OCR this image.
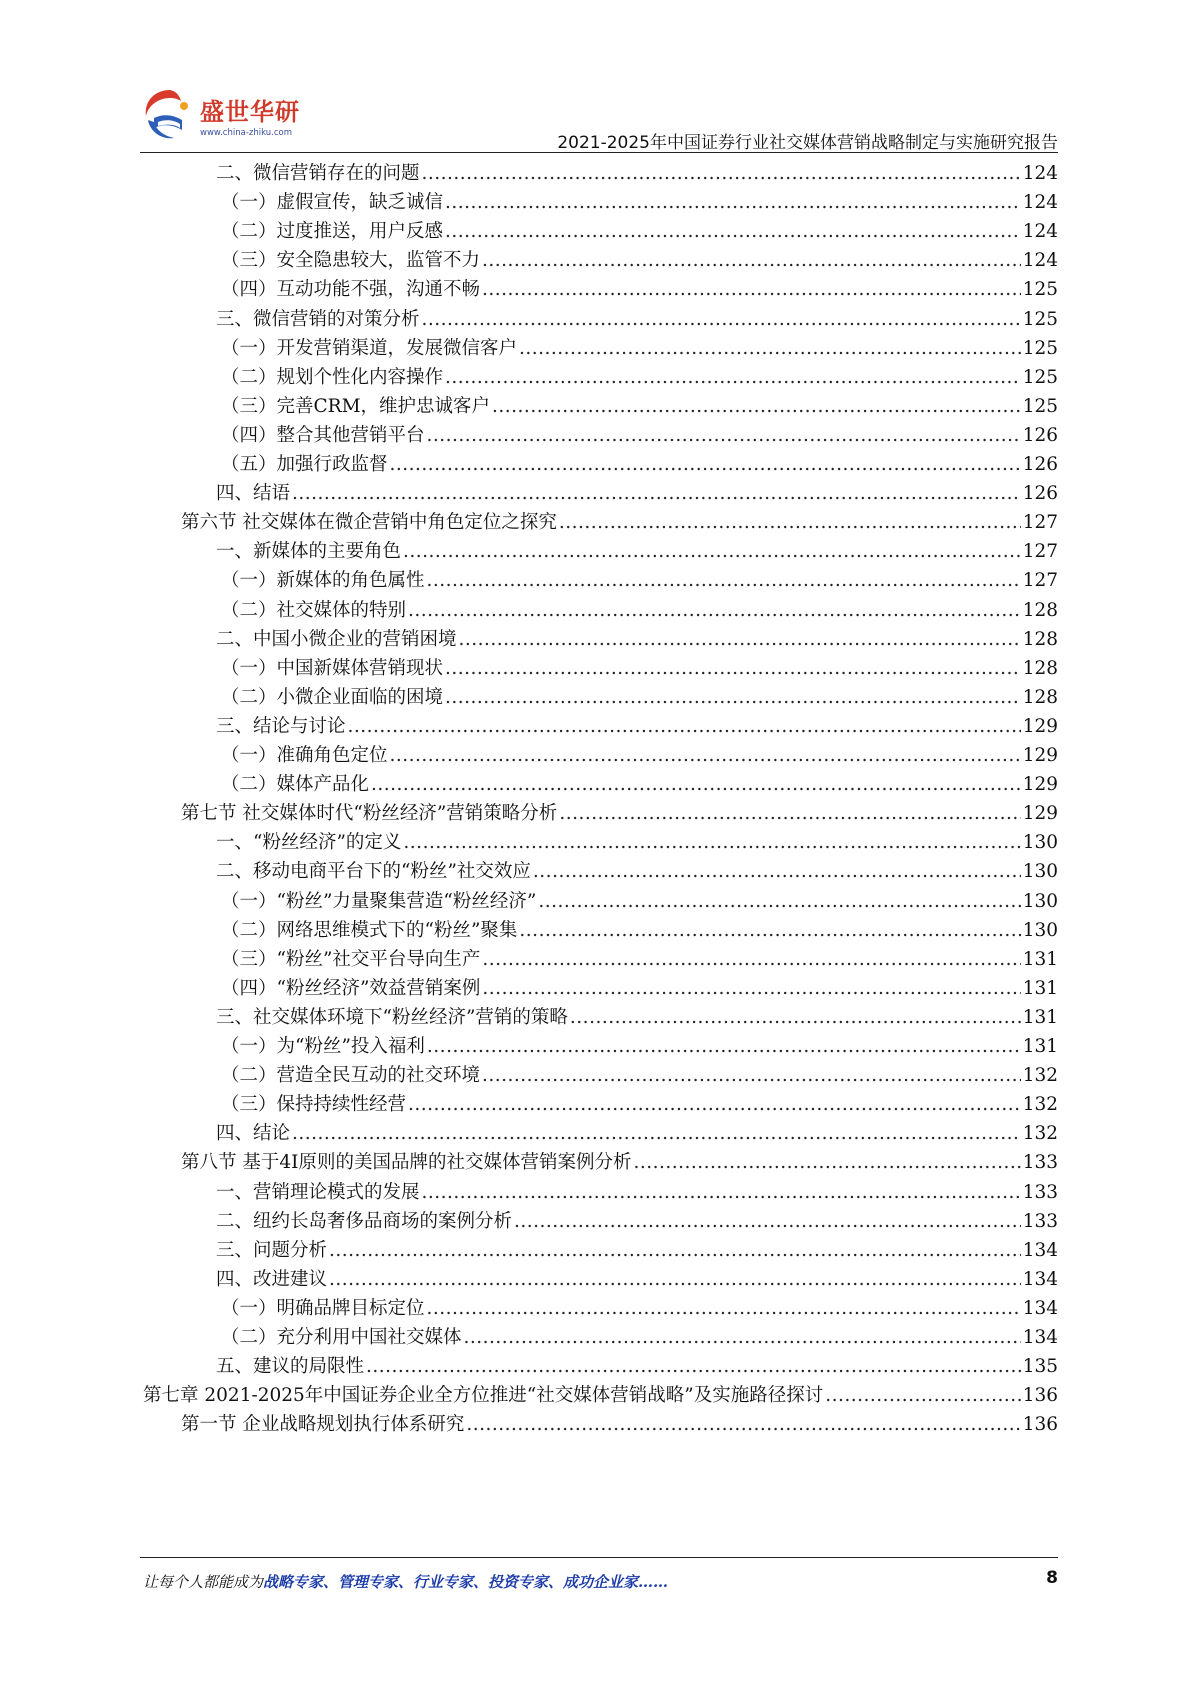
盛世华研
www.china-zhiku.com	2021-2025年中国证券行业社交媒体营销战略制定与实施研究报告
二、微信营销存在的问题 .....	124
（一）虚假宣传，缺乏诚信 .....	124
（二）过度推送，用户反感 .....	124
（三）安全隐患较大，监管不力 .....	124
（四）互动功能不强，沟通不畅 .....	125
三、微信营销的对策分析 .....	125
（一）开发营销渠道，发展微信客户 .....	125
（二）规划个性化内容操作 .....	125
（三）完善CRM，维护忠诚客户 .....	125
（四）整合其他营销平台 .....	126
（五）加强行政监督 .....	126
四、结语 .....	126
第六节 社交媒体在微企营销中角色定位之探究 .....	127
一、新媒体的主要角色 .....	127
（一）新媒体的角色属性 .....	127
（二）社交媒体的特别 .....	128
二、中国小微企业的营销困境 .....	128
（一）中国新媒体营销现状 .....	128
（二）小微企业面临的困境 .....	128
三、结论与讨论 .....	129
（一）准确角色定位 .....	129
（二）媒体产品化 .....	129
第七节 社交媒体时代“粉丝经济”营销策略分析 .....	129
一、“粉丝经济”的定义 .....	130
二、移动电商平台下的“粉丝”社交效应 .....	130
（一）“粉丝”力量聚集营造“粉丝经济” .....	130
（二）网络思维模式下的“粉丝”聚集 .....	130
（三）“粉丝”社交平台导向生产 .....	131
（四）“粉丝经济”效益营销案例 .....	131
三、社交媒体环境下“粉丝经济”营销的策略 .....	131
（一）为“粉丝”投入福利 .....	131
（二）营造全民互动的社交环境 .....	132
（三）保持持续性经营 .....	132
四、结论 .....	132
第八节 基于4I原则的美国品牌的社交媒体营销案例分析 .....	133
一、营销理论模式的发展 .....	133
二、纽约长岛奢侈品商场的案例分析 .....	133
三、问题分析 .....	134
四、改进建议 .....	134
（一）明确品牌目标定位 .....	134
（二）充分利用中国社交媒体 .....	134
五、建议的局限性 .....	135
第七章 2021-2025年中国证券企业全方位推进“社交媒体营销战略”及实施路径探讨 .....	136
第一节 企业战略规划执行体系研究 .....	136
让每个人都能成为战略专家、管理专家、行业专家、投资专家、成功企业家……	8
